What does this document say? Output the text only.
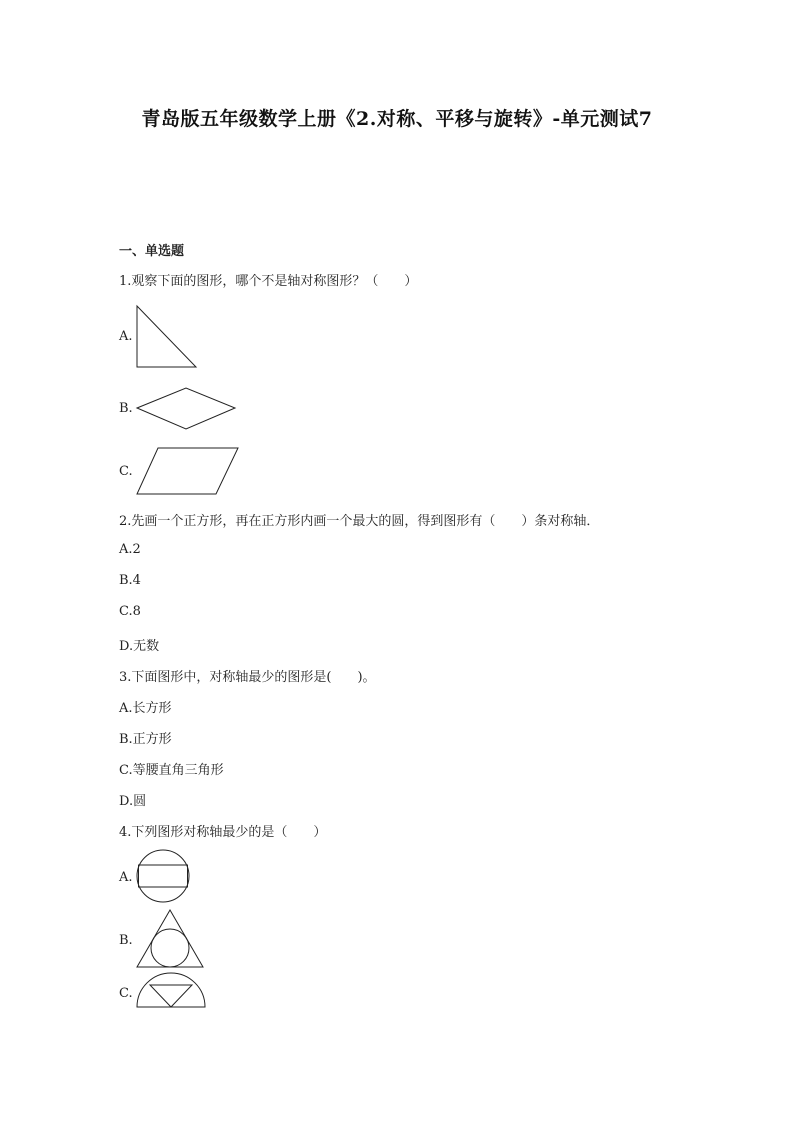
青岛版五年级数学上册《2.对称、平移与旋转》-单元测试7
一、单选题
1.观察下面的图形，哪个不是轴对称图形？（　　）
A.
B.
C.
2.先画一个正方形，再在正方形内画一个最大的圆，得到图形有（　　）条对称轴．
A.2
B.4
C.8
D.无数
3.下面图形中，对称轴最少的图形是(　　)。
A.长方形
B.正方形
C.等腰直角三角形
D.圆
4.下列图形对称轴最少的是（　　）
A.
B.
C.
